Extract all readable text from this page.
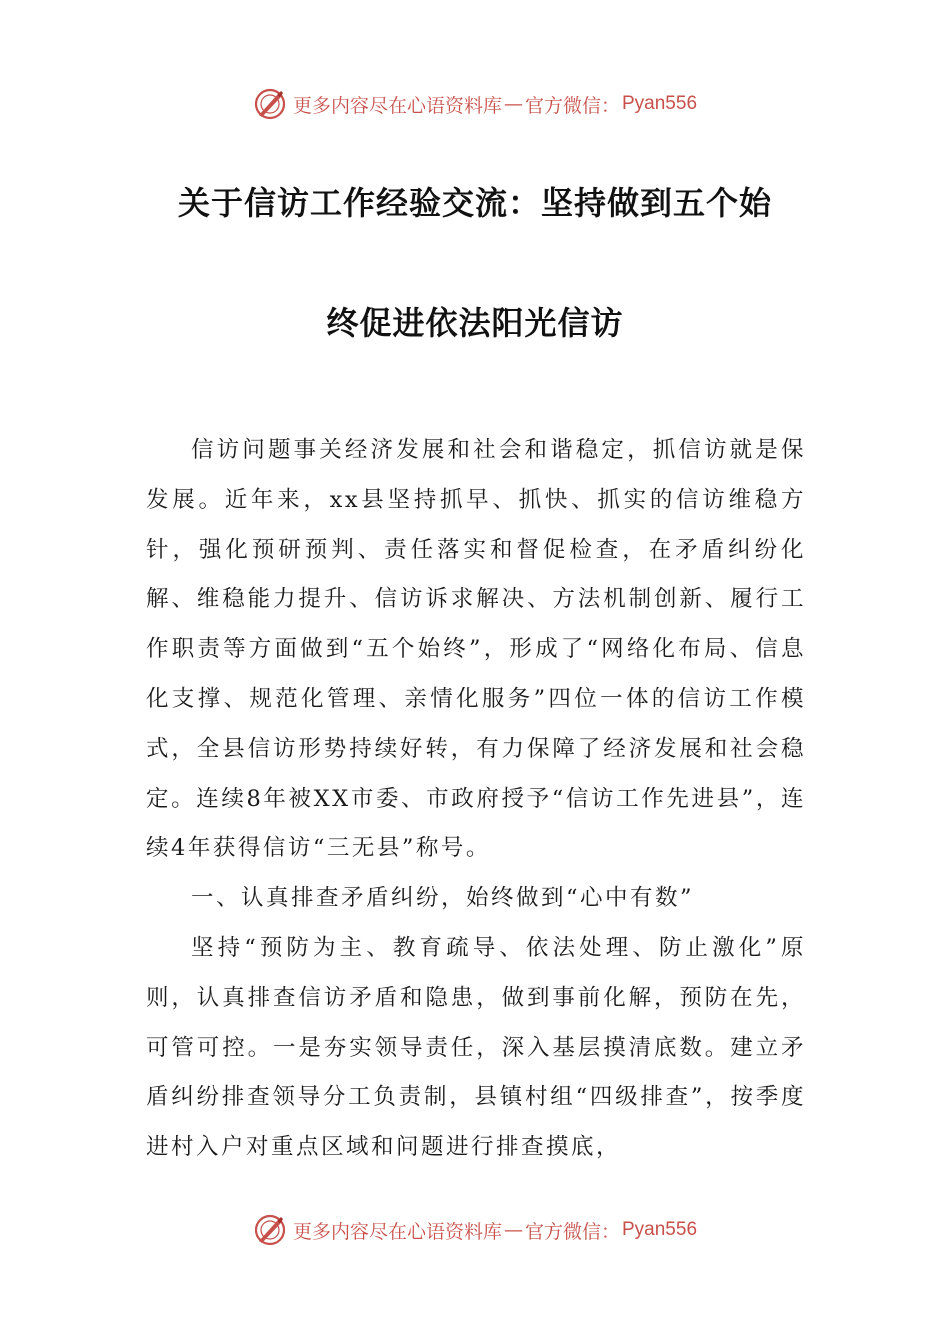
更多内容尽在心语资料库 — 官方微信： Pyan556
关于信访工作经验交流：坚持做到五个始
终促进依法阳光信访

信访问题事关经济发展和社会和谐稳定，抓信访就是保发展。近年来，xx县坚持抓早、抓快、抓实的信访维稳方针，强化预研预判、责任落实和督促检查，在矛盾纠纷化解、维稳能力提升、信访诉求解决、方法机制创新、履行工作职责等方面做到“五个始终”，形成了“网络化布局、信息化支撑、规范化管理、亲情化服务”四位一体的信访工作模式，全县信访形势持续好转，有力保障了经济发展和社会稳定。连续8年被XX市委、市政府授予“信访工作先进县”，连续4年获得信访“三无县”称号。

一、认真排查矛盾纠纷，始终做到“心中有数”

坚持“预防为主、教育疏导、依法处理、防止激化”原则，认真排查信访矛盾和隐患，做到事前化解，预防在先，可管可控。一是夯实领导责任，深入基层摸清底数。建立矛盾纠纷排查领导分工负责制，县镇村组“四级排查”，按季度进村入户对重点区域和问题进行排查摸底，

更多内容尽在心语资料库 — 官方微信： Pyan556
